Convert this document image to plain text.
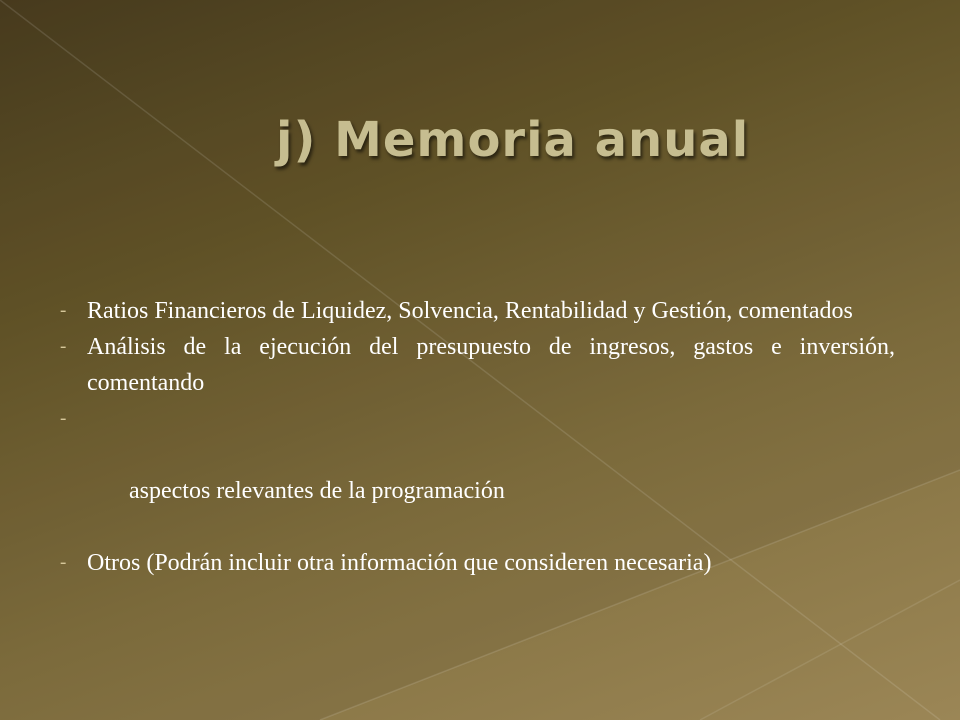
j) Memoria anual
- Ratios Financieros de Liquidez, Solvencia, Rentabilidad y Gestión, comentados
- Análisis de la ejecución del presupuesto de ingresos, gastos e inversión, comentando

-

aspectos relevantes de la programación

- Otros (Podrán incluir otra información que consideren necesaria)
